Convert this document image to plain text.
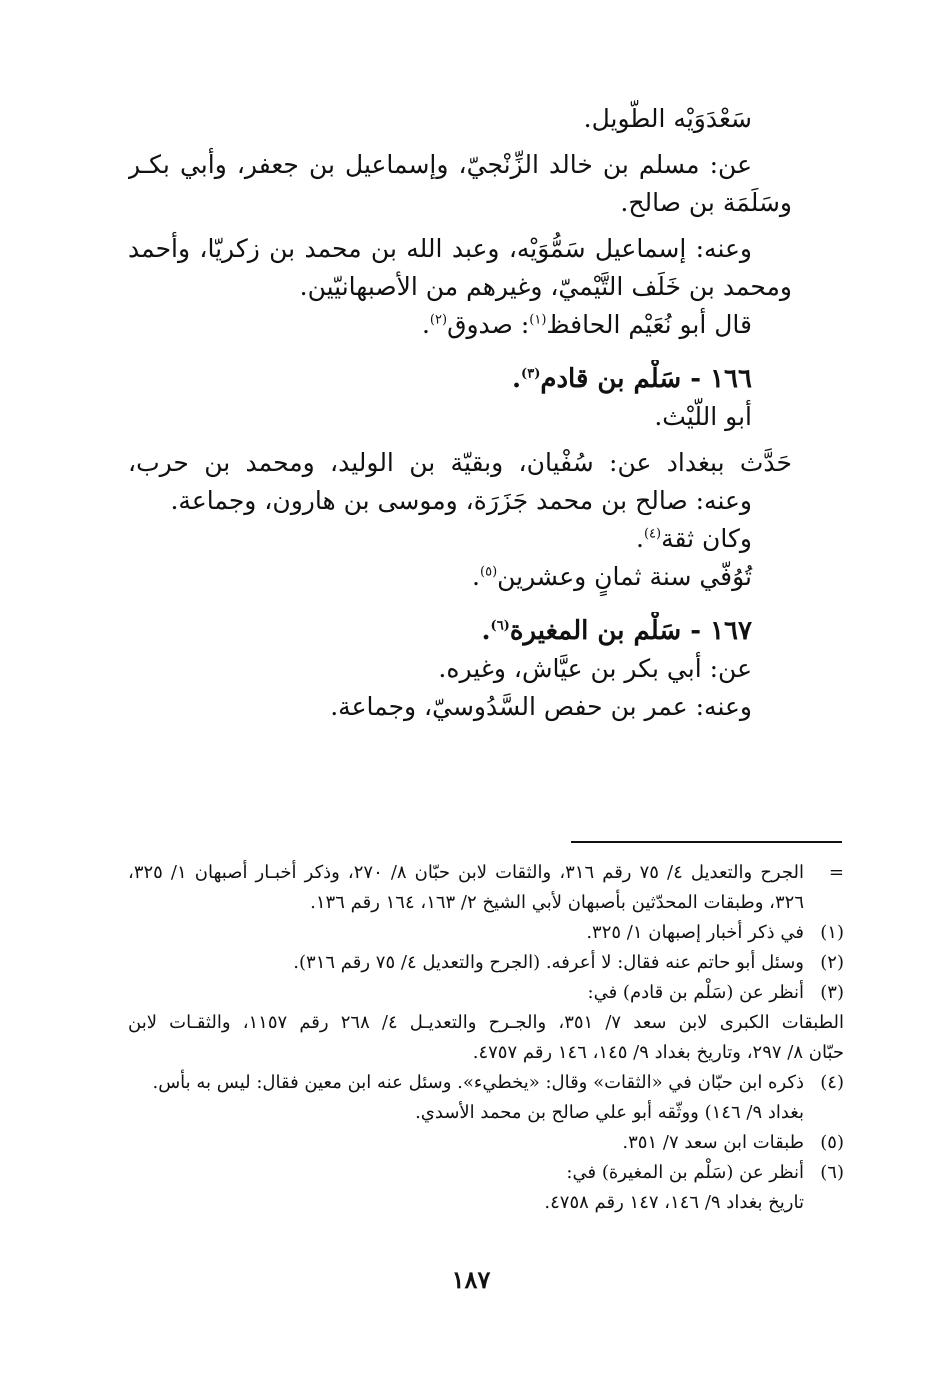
سَعْدَوَيْه الطَّويل.
عن: مسلم بن خالد الزِّنْجيّ، وإسماعيل بن جعفر، وأبي بكـر
وسَلَمَة بن صالح.
وعنه: إسماعيل سَمُّوَيْه، وعبد الله بن محمد بن زكريّا، وأحمد
ومحمد بن خَلَف التَّيْميّ، وغيرهم من الأصبهانيّين.
قال أبو نُعَيْم الحافظ$^{(١)}$: صدوق$^{(٢)}$.
١٦٦ - سَلْم بن قادم$^{(٣)}$.
أبو اللَّيْث.
حَدَّث ببغداد عن: سُفْيان، وبقيّة بن الوليد، ومحمد بن حرب،
وعنه: صالح بن محمد جَزَرَة، وموسى بن هارون، وجماعة.
وكان ثقة$^{(٤)}$.
تُوُفّي سنة ثمانٍ وعشرين$^{(٥)}$.
١٦٧ - سَلْم بن المغيرة$^{(٦)}$.
عن: أبي بكر بن عيَّاش، وغيره.
وعنه: عمر بن حفص السَّدُوسيّ، وجماعة.
=
الجرح والتعديل ٤/ ٧٥ رقم ٣١٦، والثقات لابن حبّان ٨/ ٢٧٠، وذكر أخبـار أصبهان ١/ ٣٢٥،
٣٢٦، وطبقات المحدّثين بأصبهان لأبي الشيخ ٢/ ١٦٣، ١٦٤ رقم ١٣٦.
(١)
في ذكر أخبار إصبهان ١/ ٣٢٥.
(٢)
وسئل أبو حاتم عنه فقال: لا أعرفه. (الجرح والتعديل ٤/ ٧٥ رقم ٣١٦).
(٣)
أنظر عن (سَلْم بن قادم) في:
الطبقات الكبرى لابن سعد ٧/ ٣٥١، والجـرح والتعديـل ٤/ ٢٦٨ رقم ١١٥٧، والثقـات لابن
حبّان ٨/ ٢٩٧، وتاريخ بغداد ٩/ ١٤٥، ١٤٦ رقم ٤٧٥٧.
(٤)
ذكره ابن حبّان في «الثقات» وقال: «يخطيء». وسئل عنه ابن معين فقال: ليس به بأس.
بغداد ٩/ ١٤٦) ووثّقه أبو علي صالح بن محمد الأسدي.
(٥)
طبقات ابن سعد ٧/ ٣٥١.
(٦)
أنظر عن (سَلْم بن المغيرة) في:
تاريخ بغداد ٩/ ١٤٦، ١٤٧ رقم ٤٧٥٨.
١٨٧
